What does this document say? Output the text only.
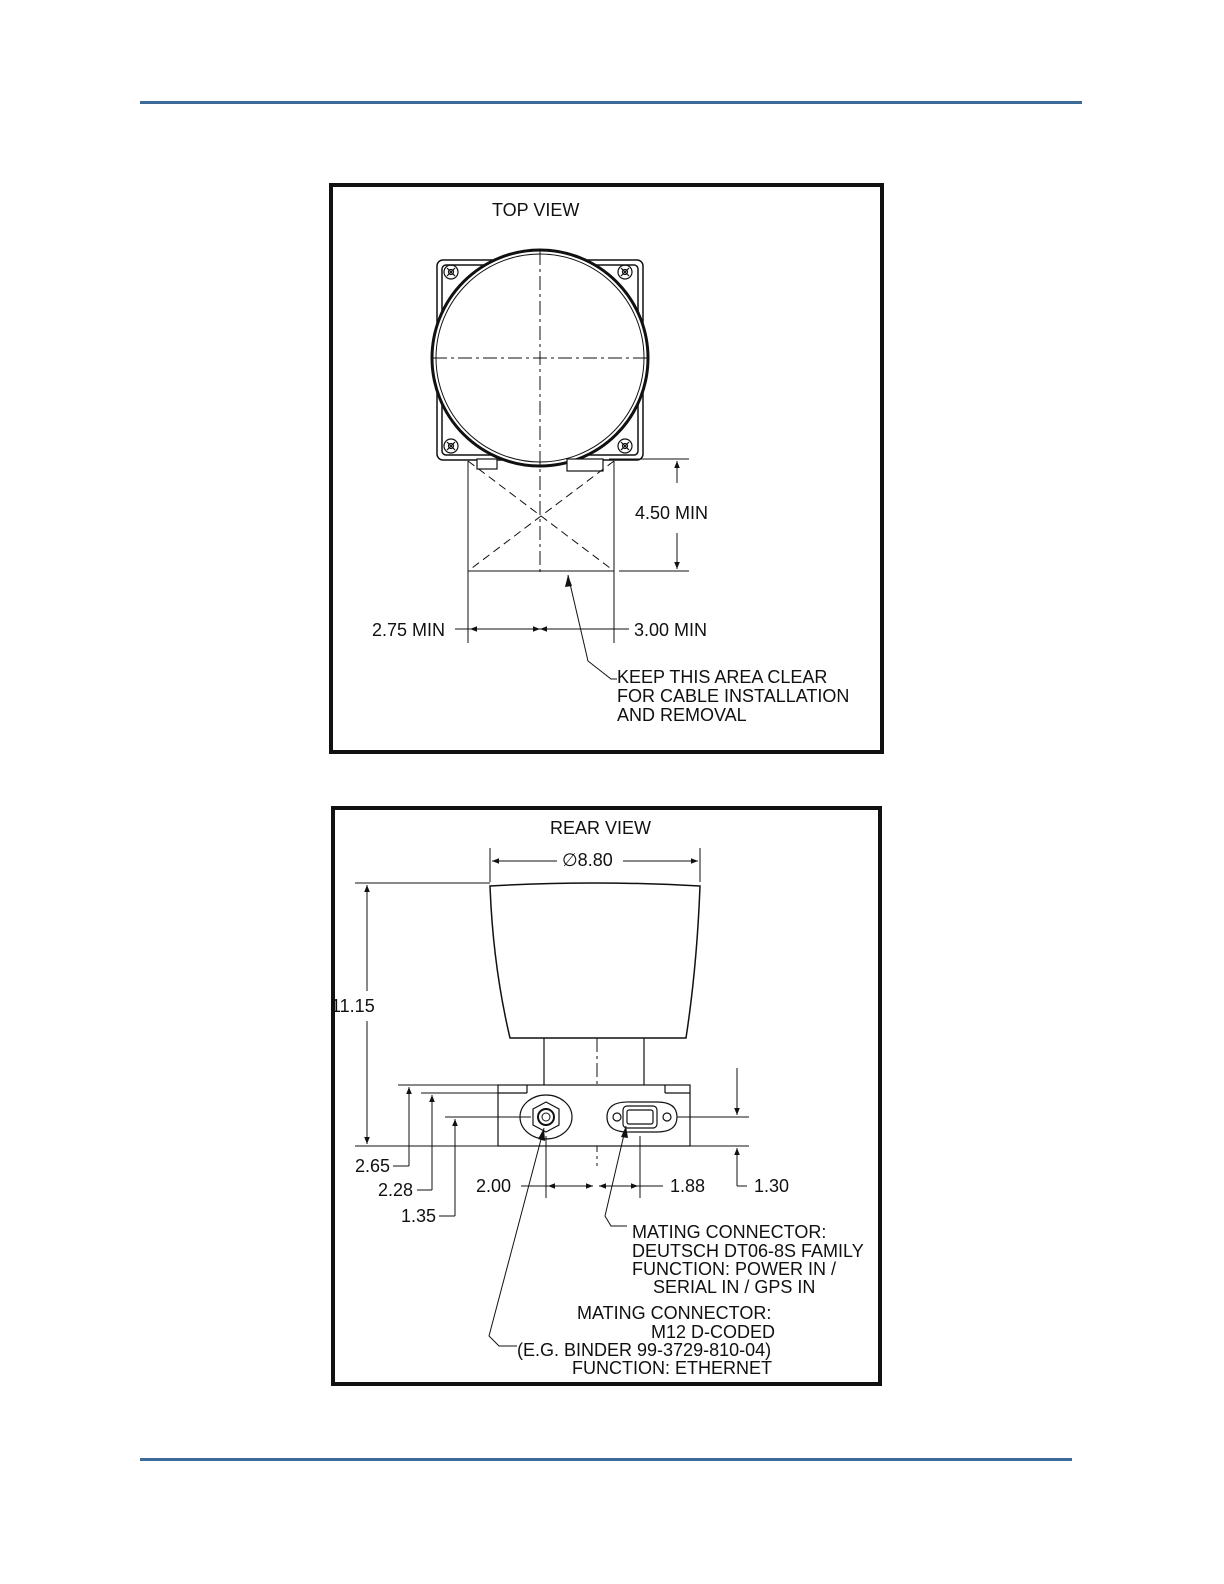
TOP VIEW
4.50 MIN
2.75 MIN	3.00 MIN
KEEP THIS AREA CLEAR
FOR CABLE INSTALLATION
AND REMOVAL
REAR VIEW
∅8.80
11.15
2.65
2.28
1.35
2.00	1.88	1.30
MATING CONNECTOR:
DEUTSCH DT06-8S FAMILY
FUNCTION: POWER IN /
SERIAL IN / GPS IN
MATING CONNECTOR:
M12 D-CODED
(E.G. BINDER 99-3729-810-04)
FUNCTION: ETHERNET
